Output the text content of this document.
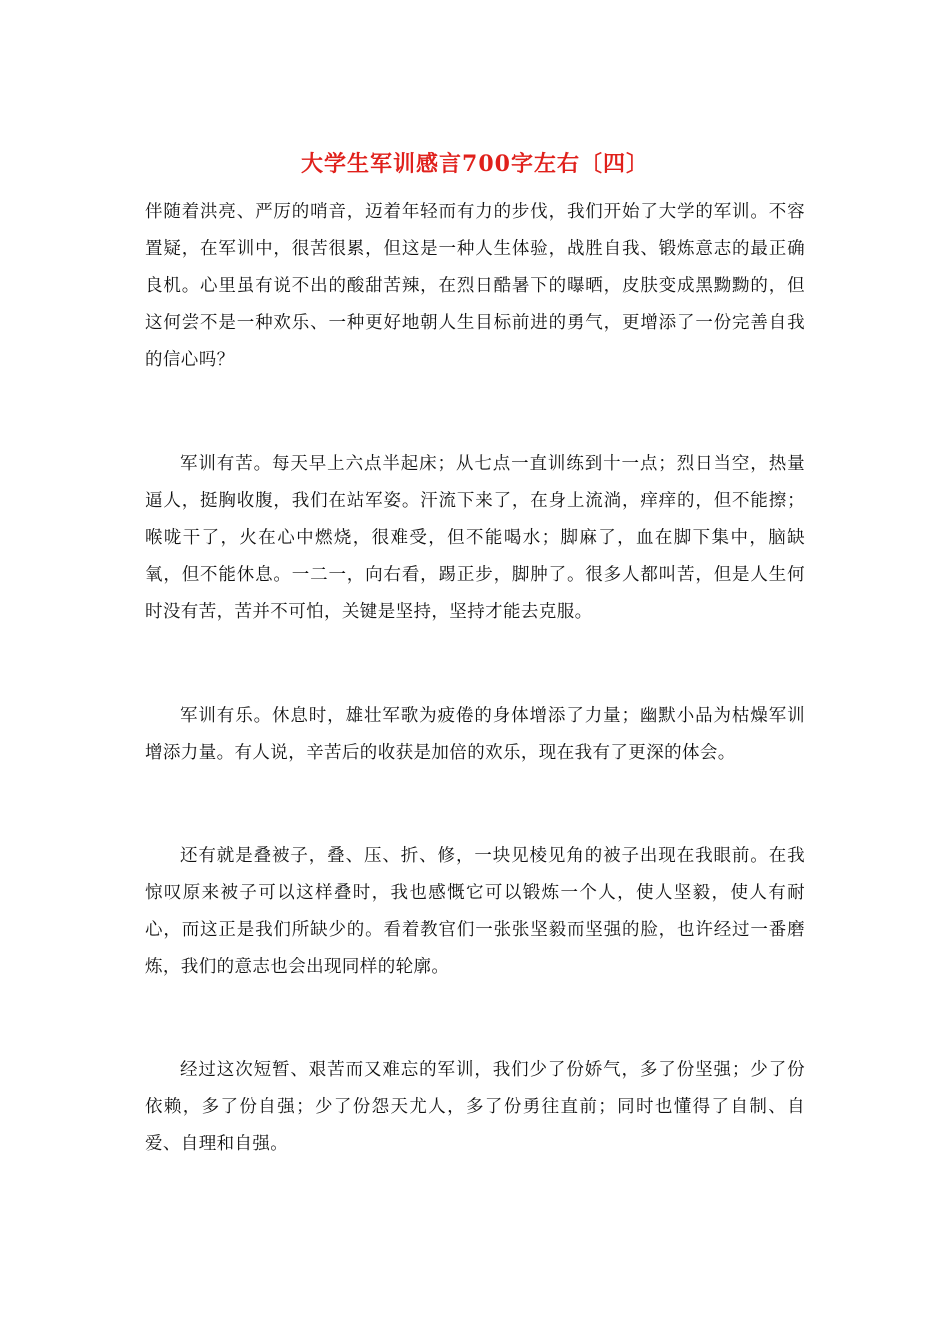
大学生军训感言700字左右〔四〕

伴随着洪亮、严厉的哨音，迈着年轻而有力的步伐，我们开始了大学的军训。不容置疑，在军训中，很苦很累，但这是一种人生体验，战胜自我、锻炼意志的最正确良机。心里虽有说不出的酸甜苦辣，在烈日酷暑下的曝晒，皮肤变成黑黝黝的，但这何尝不是一种欢乐、一种更好地朝人生目标前进的勇气，更增添了一份完善自我的信心吗？

军训有苦。每天早上六点半起床；从七点一直训练到十一点；烈日当空，热量逼人，挺胸收腹，我们在站军姿。汗流下来了，在身上流淌，痒痒的，但不能擦；喉咙干了，火在心中燃烧，很难受，但不能喝水；脚麻了，血在脚下集中，脑缺氧，但不能休息。一二一，向右看，踢正步，脚肿了。很多人都叫苦，但是人生何时没有苦，苦并不可怕，关键是坚持，坚持才能去克服。

军训有乐。休息时，雄壮军歌为疲倦的身体增添了力量；幽默小品为枯燥军训增添力量。有人说，辛苦后的收获是加倍的欢乐，现在我有了更深的体会。

还有就是叠被子，叠、压、折、修，一块见棱见角的被子出现在我眼前。在我惊叹原来被子可以这样叠时，我也感慨它可以锻炼一个人，使人坚毅，使人有耐心，而这正是我们所缺少的。看着教官们一张张坚毅而坚强的脸，也许经过一番磨炼，我们的意志也会出现同样的轮廓。

经过这次短暂、艰苦而又难忘的军训，我们少了份娇气，多了份坚强；少了份依赖，多了份自强；少了份怨天尤人，多了份勇往直前；同时也懂得了自制、自爱、自理和自强。
